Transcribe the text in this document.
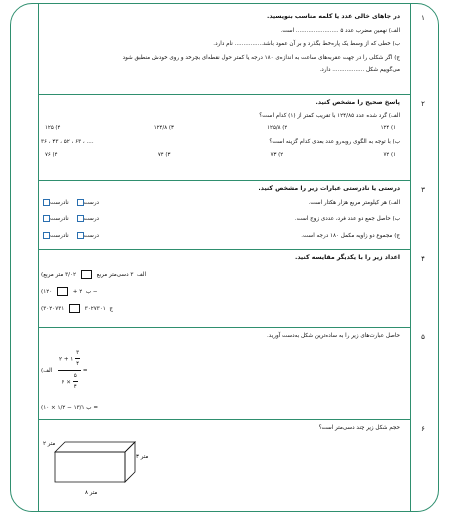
١
در جاهای خالی عدد یا کلمه مناسب بنویسید.
الف) نهمین مضرب عدد ۵ ........................ است.
ب) خطی که از وسط یک پاره‌خط بگذرد و بر آن عمود باشد................ نام دارد.
ج) اگر شکلی را در جهت عقربه‌های ساعت به اندازه‌ی ۱۸۰ درجه یا کمتر حول نقطه‌ای بچرخد و روی خودش منطبق شود
می‌گوییم شکل .................. دارد.
٢
پاسخ صحیح را مشخص کنید.
الف) گرد شده عدد ۱۲۴/۸۵ با تقریب کمتر از (۱) کدام است؟
۱) ۱۲۴
۲) ۱۲۵/۸
۳) ۱۲۴/۸
۴) ۱۲۵
ب) با توجه به الگوی روبه‌رو عدد بعدی کدام گزینه است؟
۳۶ ، ۴۳ ، ۵۲ ، ۶۳ ، ....
۱) ۷۲
۲) ۷۳
۳) ۷۴
۴) ۷۶
٣
درستی یا نادرستی عبارات زیر را مشخص کنید.
الف) هر کیلومتر مربع هزار هکتار است.
درست
نادرست
ب) حاصل جمع دو عدد فرد، عددی زوج است.
درست
نادرست
ج) مجموع دو زاویه مکمل ۱۸۰ درجه است.
درست
نادرست
۴
اعداد زیر را با یکدیگر مقایسه کنید.
(الف  ۳ دسی‌متر مربع  ۳/۰۲ متر مربع
(ب  ۲ +  ۱۲۰ −
(ج  ۳۰۲۷۳۰۱  ۳۰۲۰۷۳۱
۵
حاصل عبارت‌های زیر را به ساده‌ترین شکل به‌دست آورید.
(الف $\frac{۲ + ۱ \frac{۳}{۴}}{۶ \times \frac{۵}{۴}}$ =
(ب ۱۳/۱ − ۱/۲ × ۱۰ =
۶
حجم شکل زیر چند دسی‌متر است؟
۲ متر
۳ متر
۸ متر
